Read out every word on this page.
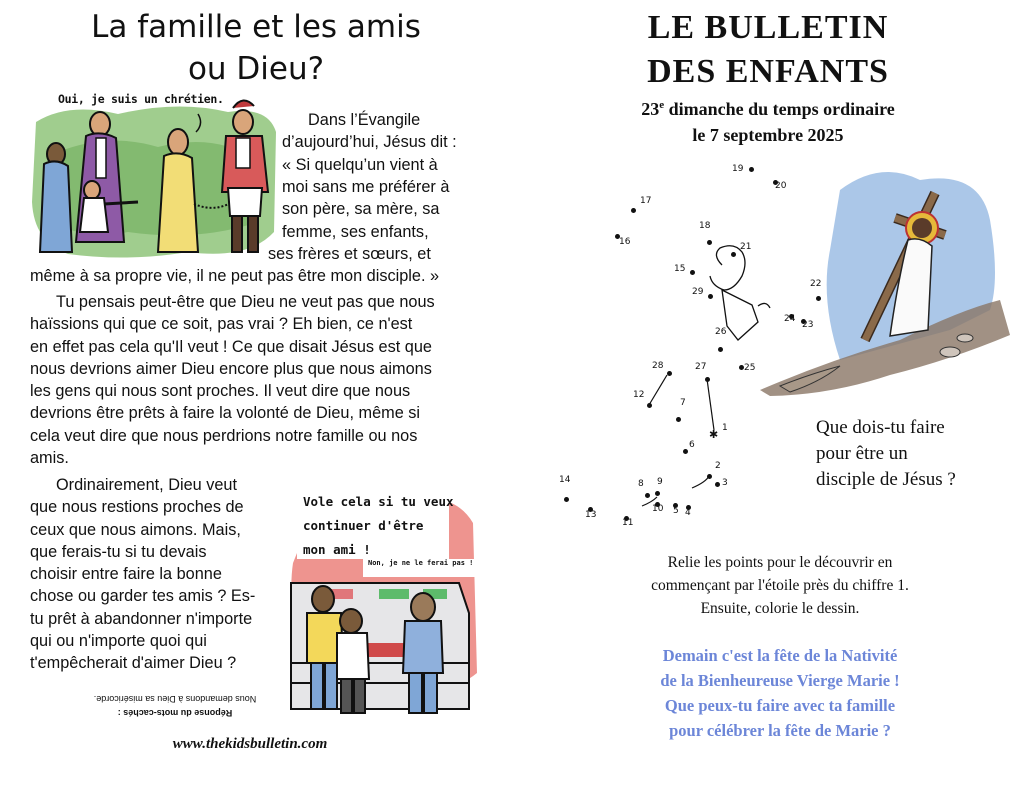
La famille et les amis
ou Dieu?
Oui, je suis un chrétien.
Dans l’Évangile
d’aujourd’hui, Jésus dit :
« Si quelqu’un vient à
moi sans me préférer à
son père, sa mère, sa
femme, ses enfants,
ses frères et sœurs, et
même à sa propre vie, il ne peut pas être mon disciple. »
Tu pensais peut-être que Dieu ne veut pas que nous
haïssions qui que ce soit, pas vrai ? Eh bien, ce n'est
en effet pas cela qu'Il veut ! Ce que disait Jésus est que
nous devrions aimer Dieu encore plus que nous aimons
les gens qui nous sont proches. Il veut dire que nous
devrions être prêts à faire la volonté de Dieu, même si
cela veut dire que nous perdrions notre famille ou nos
amis.
Ordinairement, Dieu veut
que nous restions proches de
ceux que nous aimons. Mais,
que ferais-tu si tu devais
choisir entre faire la bonne
chose ou garder tes amis ? Es-
tu prêt à abandonner n'importe
qui ou n'importe quoi qui
t'empêcherait d'aimer Dieu ?
Vole cela si tu veux
continuer d'être
mon ami !
Non, je ne le ferai pas !
Réponse du mots-cachés :
Nous demandons à Dieu sa miséricorde.
www.thekidsbulletin.com
LE BULLETIN
DES ENFANTS
23e dimanche du temps ordinaire
le 7 septembre 2025
✱
1
2
3
4
5
6
7
8 9
10
11
12
13
14
15
16
17
18
19
20
21
22
23
24
25
26
27
28
29
Que dois-tu faire
pour être un
disciple de Jésus ?
Relie les points pour le découvrir en
commençant par l'étoile près du chiffre 1.
Ensuite, colorie le dessin.
Demain c'est la fête de la Nativité
de la Bienheureuse Vierge Marie !
Que peux-tu faire avec ta famille
pour célébrer la fête de Marie ?
